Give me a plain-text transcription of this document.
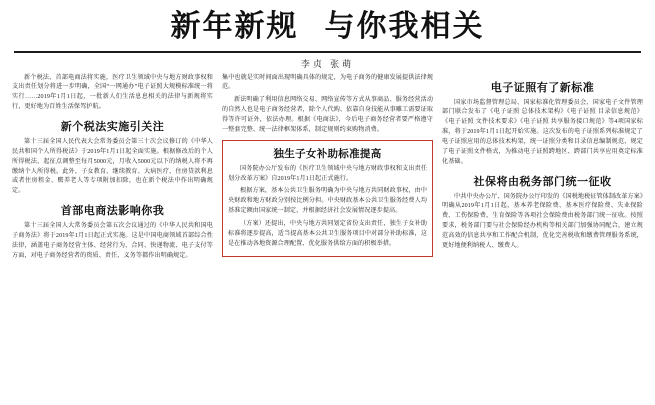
新年新规 与你我相关
李贞 张萌

新个税法、首部电商法将实施，医疗卫生领域中央与地方财政事权和支出责任划分将进一步明确，全国“一网通办”电子证照大规模标准统一将实行……2019年1月1日起，一批新人们生活息息相关的法律与新规将实行，更好地为百姓生活保驾护航。

新个税法实施引关注

第十三届全国人民代表大会常务委员会第三十次会议修订的《中华人民共和国个人所得税法》于2019年1月1日起全面实施。根据修改后的个人所得税法，起征点调整至每月5000元，月收入5000元以下的纳税人将不再缴纳个人所得税。此外，子女教育、继续教育、大病医疗、住房贷款利息或者住房租金、赡养老人等专项附加扣除，也在新个税法中作出明确规定。

首部电商法影响你我

第十三届全国人大常务委员会第五次会议通过的《中华人民共和国电子商务法》将于2019年1月1日起正式实施。这是中国电商领域首部综合性法律，涵盖电子商务经营主体、经营行为、合同、快递物流、电子支付等方面，对电子商务经营者的资质、责任、义务等都作出明确规定。

集中也就是实时间面出现明确具体的规定，为电子商务的健康发展提供法律规范。

新法明确了利用信息网络交易、网络宣传等方式从事商品、服务经营活动的自然人也是电子商务经营者，除个人代购、依靠自身技能从事雕工需要证取得等许可证外，依法办理。根据《电商法》，今后电子商务经营者要严格遵守一整套完整、统一法律框架体系，制定规则约束购物消费。

独生子女补助标准提高

国务院办公厅发布的《医疗卫生领域中央与地方财政事权和支出责任划分改革方案》自2019年1月1日起正式施行。

根据方案，基本公共卫生服务明确为中央与地方共同财政事权，由中央财政和地方财政分别按比例分担。中央财政基本公共卫生服务经费人均基准定额由国家统一制定，并根据经济社会发展情况逐步提高。

（方案）还提出，中央与地方共同划定省份支出责任，独生子女补助标准将逐步提高，适当提高基本公共卫生服务项目中对部分补助标准，这是在推动各地资源合理配置、优化服务供给方面的积极举措。

电子证照有了新标准

国家市场监督管理总局、国家标准化管理委员会、国家电子文件管理部门联合发布了《电子证照 总体技术架构》《电子证照 目录信息规范》《电子证照 文件技术要求》《电子证照 共享服务接口规范》等4项国家标准，将于2019年1月1日起开始实施。这次发布的电子证照系列标准规定了电子证照应用的总体技术构架，统一证照分类和目录信息编制规范，规定了电子证照文件格式，为推动电子证照跨地区、跨部门共享应用奠定标准化基础。

社保将由税务部门统一征收

中共中央办公厅、国务院办公厅印发的《国税地税征管体制改革方案》明确从2019年1月1日起，基本养老保险费、基本医疗保险费、失业保险费、工伤保险费、生育保险等各项社会保险费由税务部门统一征收。按照要求，税务部门要与社会保险经办机构等相关部门加强协同配合，建立规范高效的信息共享和工作配合机制，优化完善税收和缴费管理服务系统，更好地便利纳税人、缴费人。
